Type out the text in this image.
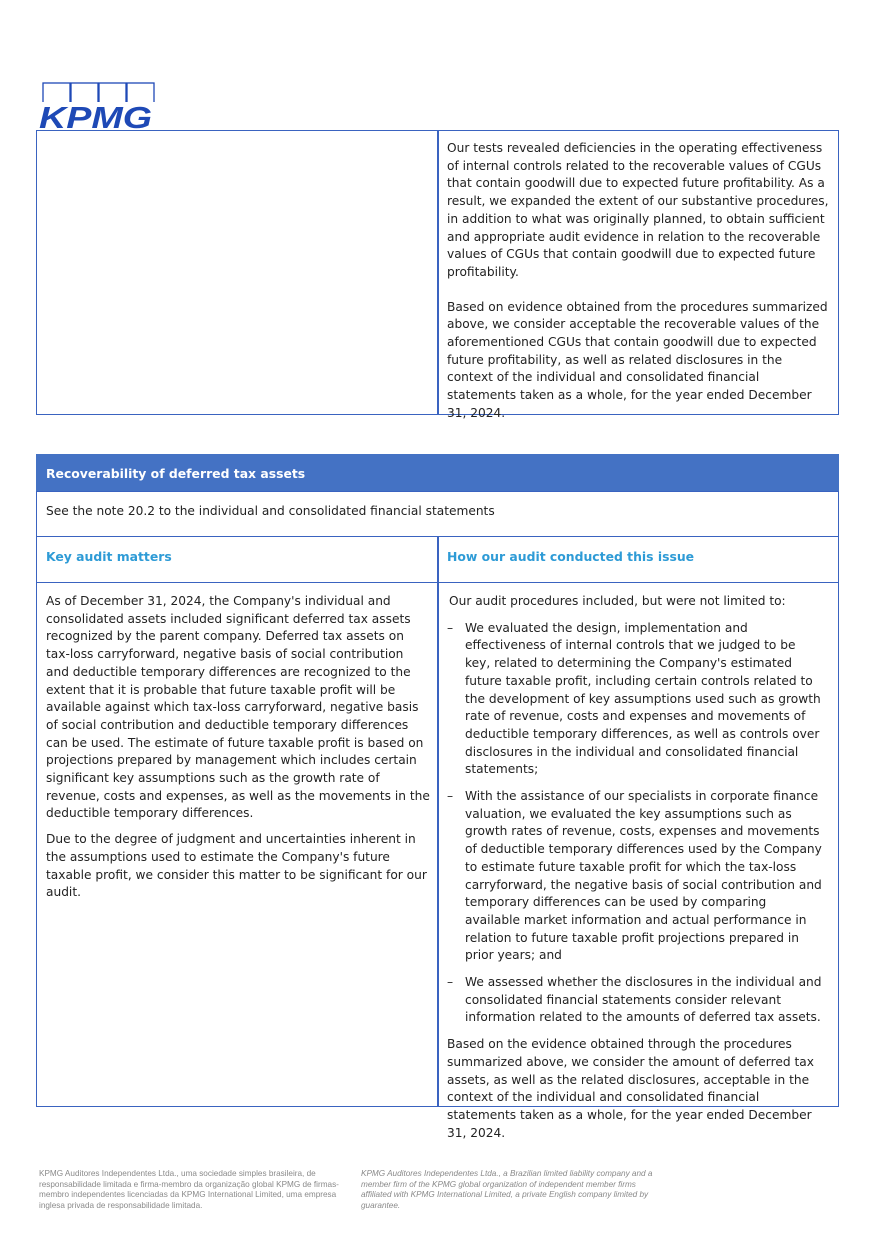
KPMG

Our tests revealed deficiencies in the operating effectiveness of internal controls related to the recoverable values of CGUs that contain goodwill due to expected future profitability. As a result, we expanded the extent of our substantive procedures, in addition to what was originally planned, to obtain sufficient and appropriate audit evidence in relation to the recoverable values of CGUs that contain goodwill due to expected future profitability.

Based on evidence obtained from the procedures summarized above, we consider acceptable the recoverable values of the aforementioned CGUs that contain goodwill due to expected future profitability, as well as related disclosures in the context of the individual and consolidated financial statements taken as a whole, for the year ended December 31, 2024.

Recoverability of deferred tax assets
See the note 20.2 to the individual and consolidated financial statements
Key audit matters	How our audit conducted this issue

As of December 31, 2024, the Company's individual and consolidated assets included significant deferred tax assets recognized by the parent company. Deferred tax assets on tax-loss carryforward, negative basis of social contribution and deductible temporary differences are recognized to the extent that it is probable that future taxable profit will be available against which tax-loss carryforward, negative basis of social contribution and deductible temporary differences can be used. The estimate of future taxable profit is based on projections prepared by management which includes certain significant key assumptions such as the growth rate of revenue, costs and expenses, as well as the movements in the deductible temporary differences.

Due to the degree of judgment and uncertainties inherent in the assumptions used to estimate the Company's future taxable profit, we consider this matter to be significant for our audit.

Our audit procedures included, but were not limited to:

– We evaluated the design, implementation and effectiveness of internal controls that we judged to be key, related to determining the Company's estimated future taxable profit, including certain controls related to the development of key assumptions used such as growth rate of revenue, costs and expenses and movements of deductible temporary differences, as well as controls over disclosures in the individual and consolidated financial statements;
– With the assistance of our specialists in corporate finance valuation, we evaluated the key assumptions such as growth rates of revenue, costs, expenses and movements of deductible temporary differences used by the Company to estimate future taxable profit for which the tax-loss carryforward, the negative basis of social contribution and temporary differences can be used by comparing available market information and actual performance in relation to future taxable profit projections prepared in prior years; and
– We assessed whether the disclosures in the individual and consolidated financial statements consider relevant information related to the amounts of deferred tax assets.

Based on the evidence obtained through the procedures summarized above, we consider the amount of deferred tax assets, as well as the related disclosures, acceptable in the context of the individual and consolidated financial statements taken as a whole, for the year ended December 31, 2024.

KPMG Auditores Independentes Ltda., uma sociedade simples brasileira, de responsabilidade limitada e firma-membro da organização global KPMG de firmas-membro independentes licenciadas da KPMG International Limited, uma empresa inglesa privada de responsabilidade limitada.
KPMG Auditores Independentes Ltda., a Brazilian limited liability company and a member firm of the KPMG global organization of independent member firms affiliated with KPMG International Limited, a private English company limited by guarantee.
